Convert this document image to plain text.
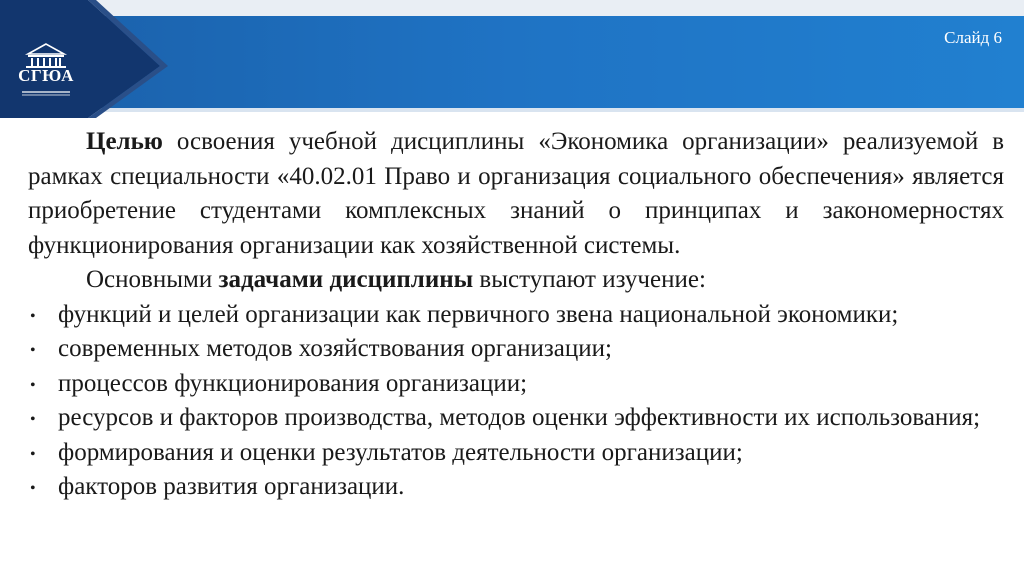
СГЮА
Слайд 6

Целью освоения учебной дисциплины «Экономика организации» реализуемой в рамках специальности «40.02.01 Право и организация социального обеспечения» является приобретение студентами комплексных знаний о принципах и закономерностях функционирования организации как хозяйственной системы.

Основными задачами дисциплины выступают изучение:

• функций и целей организации как первичного звена национальной экономики;
• современных методов хозяйствования организации;
• процессов функционирования организации;
• ресурсов и факторов производства, методов оценки эффективности их использования;
• формирования и оценки результатов деятельности организации;
• факторов развития организации.
